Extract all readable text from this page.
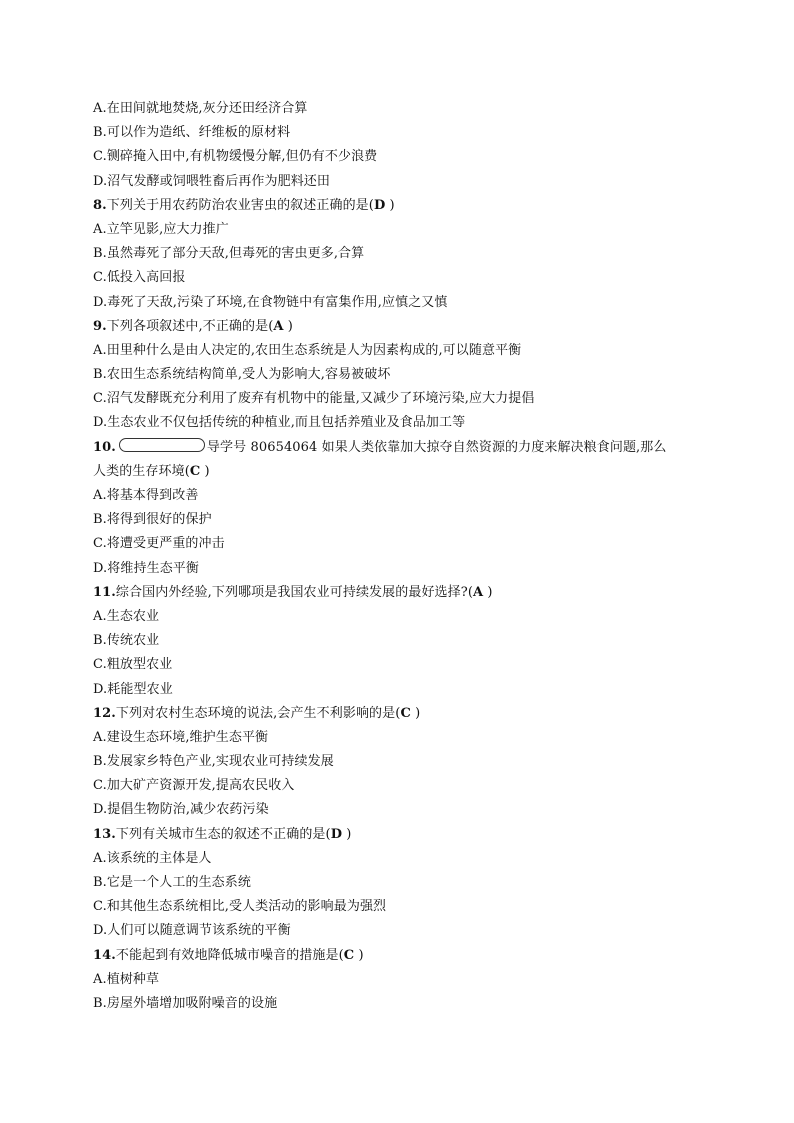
A.在田间就地焚烧,灰分还田经济合算
B.可以作为造纸、纤维板的原材料
C.铡碎掩入田中,有机物缓慢分解,但仍有不少浪费
D.沼气发酵或饲喂牲畜后再作为肥料还田
8.下列关于用农药防治农业害虫的叙述正确的是(D )
A.立竿见影,应大力推广
B.虽然毒死了部分天敌,但毒死的害虫更多,合算
C.低投入高回报
D.毒死了天敌,污染了环境,在食物链中有富集作用,应慎之又慎
9.下列各项叙述中,不正确的是(A )
A.田里种什么是由人决定的,农田生态系统是人为因素构成的,可以随意平衡
B.农田生态系统结构简单,受人为影响大,容易被破坏
C.沼气发酵既充分利用了废弃有机物中的能量,又减少了环境污染,应大力提倡
D.生态农业不仅包括传统的种植业,而且包括养殖业及食品加工等
10.	导学号 80654064 如果人类依靠加大掠夺自然资源的力度来解决粮食问题,那么
人类的生存环境(C )
A.将基本得到改善
B.将得到很好的保护
C.将遭受更严重的冲击
D.将维持生态平衡
11.综合国内外经验,下列哪项是我国农业可持续发展的最好选择?(A )
A.生态农业
B.传统农业
C.粗放型农业
D.耗能型农业
12.下列对农村生态环境的说法,会产生不利影响的是(C )
A.建设生态环境,维护生态平衡
B.发展家乡特色产业,实现农业可持续发展
C.加大矿产资源开发,提高农民收入
D.提倡生物防治,减少农药污染
13.下列有关城市生态的叙述不正确的是(D )
A.该系统的主体是人
B.它是一个人工的生态系统
C.和其他生态系统相比,受人类活动的影响最为强烈
D.人们可以随意调节该系统的平衡
14.不能起到有效地降低城市噪音的措施是(C )
A.植树种草
B.房屋外墙增加吸附噪音的设施
